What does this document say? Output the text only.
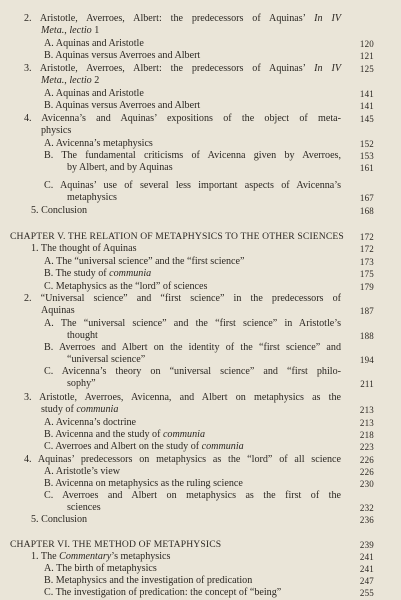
2. Aristotle, Averroes, Albert: the predecessors of Aquinas’ In IV
Meta., lectio 1
A. Aquinas and Aristotle	120
B. Aquinas versus Averroes and Albert	121
3. Aristotle, Averroes, Albert: the predecessors of Aquinas’ In IV 125
Meta., lectio 2
A. Aquinas and Aristotle	141
B. Aquinas versus Averroes and Albert	141
4. Avicenna’s and Aquinas’ expositions of the object of meta- 145
physics
A. Avicenna’s metaphysics	152
B. The fundamental criticisms of Avicenna given by Averroes, 153
by Albert, and by Aquinas	161
C. Aquinas’ use of several less important aspects of Avicenna’s
metaphysics	167
5. Conclusion	168
CHAPTER V. THE RELATION OF METAPHYSICS TO THE OTHER SCIENCES 172
1. The thought of Aquinas	172
A. The “universal science” and the “first science”	173
B. The study of communia	175
C. Metaphysics as the “lord” of sciences	179
2. “Universal science” and “first science” in the predecessors of
Aquinas	187
A. The “universal science” and the “first science” in Aristotle’s
thought	188
B. Averroes and Albert on the identity of the “first science” and
“universal science”	194
C. Avicenna’s theory on “universal science” and “first philo-
sophy”	211
3. Aristotle, Averroes, Avicenna, and Albert on metaphysics as the
study of communia	213
A. Avicenna’s doctrine	213
B. Avicenna and the study of communia	218
C. Averroes and Albert on the study of communia	223
4. Aquinas’ predecessors on metaphysics as the “lord” of all science 226
A. Aristotle’s view	226
B. Avicenna on metaphysics as the ruling science	230
C. Averroes and Albert on metaphysics as the first of the
sciences	232
5. Conclusion	236
CHAPTER VI. THE METHOD OF METAPHYSICS	239
1. The Commentary’s metaphysics	241
A. The birth of metaphysics	241
B. Metaphysics and the investigation of predication	247
C. The investigation of predication: the concept of “being”	255
